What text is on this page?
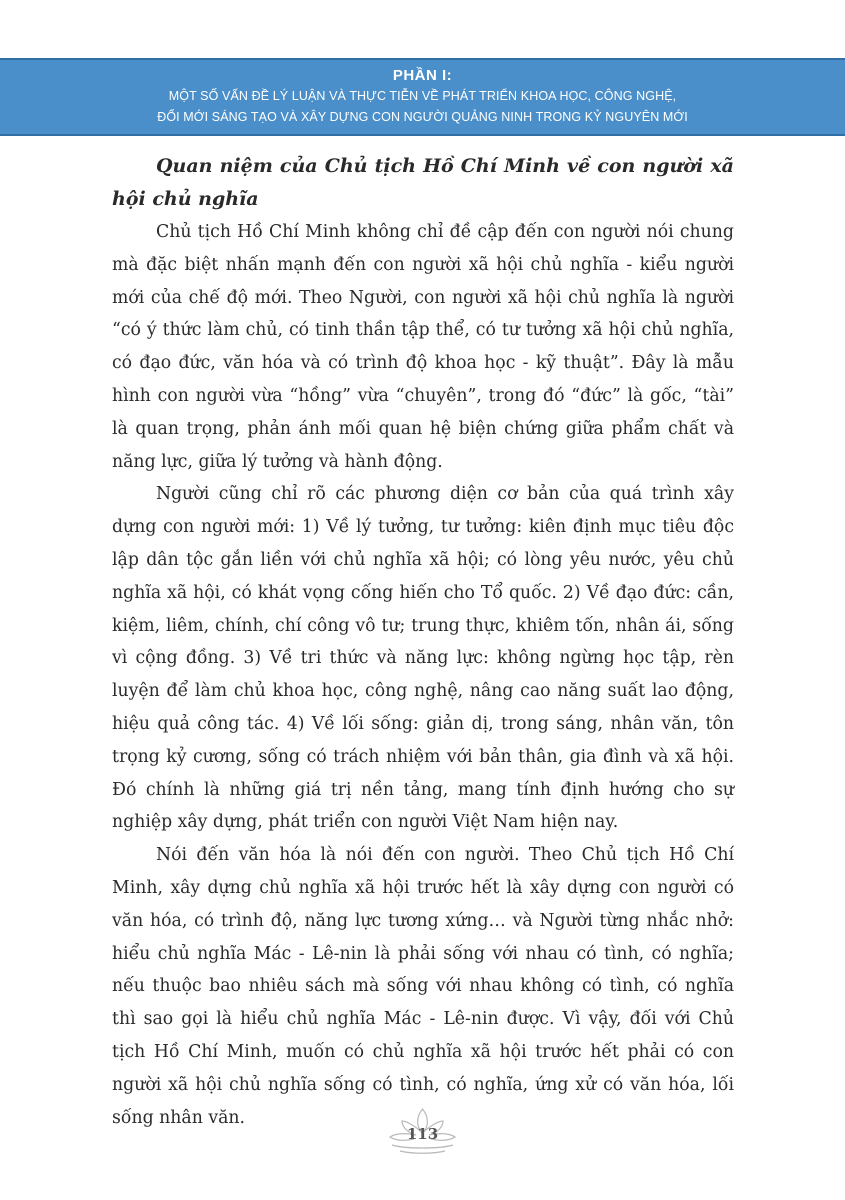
PHẦN I:
MỘT SỐ VẤN ĐỀ LÝ LUẬN VÀ THỰC TIỄN VỀ PHÁT TRIỂN KHOA HỌC, CÔNG NGHỆ,
ĐỔI MỚI SÁNG TẠO VÀ XÂY DỰNG CON NGƯỜI QUẢNG NINH TRONG KỶ NGUYÊN MỚI

Quan niệm của Chủ tịch Hồ Chí Minh về con người xã hội chủ nghĩa

Chủ tịch Hồ Chí Minh không chỉ đề cập đến con người nói chung mà đặc biệt nhấn mạnh đến con người xã hội chủ nghĩa - kiểu người mới của chế độ mới. Theo Người, con người xã hội chủ nghĩa là người “có ý thức làm chủ, có tinh thần tập thể, có tư tưởng xã hội chủ nghĩa, có đạo đức, văn hóa và có trình độ khoa học - kỹ thuật”. Đây là mẫu hình con người vừa “hồng” vừa “chuyên”, trong đó “đức” là gốc, “tài” là quan trọng, phản ánh mối quan hệ biện chứng giữa phẩm chất và năng lực, giữa lý tưởng và hành động.

Người cũng chỉ rõ các phương diện cơ bản của quá trình xây dựng con người mới: 1) Về lý tưởng, tư tưởng: kiên định mục tiêu độc lập dân tộc gắn liền với chủ nghĩa xã hội; có lòng yêu nước, yêu chủ nghĩa xã hội, có khát vọng cống hiến cho Tổ quốc. 2) Về đạo đức: cần, kiệm, liêm, chính, chí công vô tư; trung thực, khiêm tốn, nhân ái, sống vì cộng đồng. 3) Về tri thức và năng lực: không ngừng học tập, rèn luyện để làm chủ khoa học, công nghệ, nâng cao năng suất lao động, hiệu quả công tác. 4) Về lối sống: giản dị, trong sáng, nhân văn, tôn trọng kỷ cương, sống có trách nhiệm với bản thân, gia đình và xã hội. Đó chính là những giá trị nền tảng, mang tính định hướng cho sự nghiệp xây dựng, phát triển con người Việt Nam hiện nay.

Nói đến văn hóa là nói đến con người. Theo Chủ tịch Hồ Chí Minh, xây dựng chủ nghĩa xã hội trước hết là xây dựng con người có văn hóa, có trình độ, năng lực tương xứng… và Người từng nhắc nhở: hiểu chủ nghĩa Mác - Lê-nin là phải sống với nhau có tình, có nghĩa; nếu thuộc bao nhiêu sách mà sống với nhau không có tình, có nghĩa thì sao gọi là hiểu chủ nghĩa Mác - Lê-nin được. Vì vậy, đối với Chủ tịch Hồ Chí Minh, muốn có chủ nghĩa xã hội trước hết phải có con người xã hội chủ nghĩa sống có tình, có nghĩa, ứng xử có văn hóa, lối sống nhân văn.

113
